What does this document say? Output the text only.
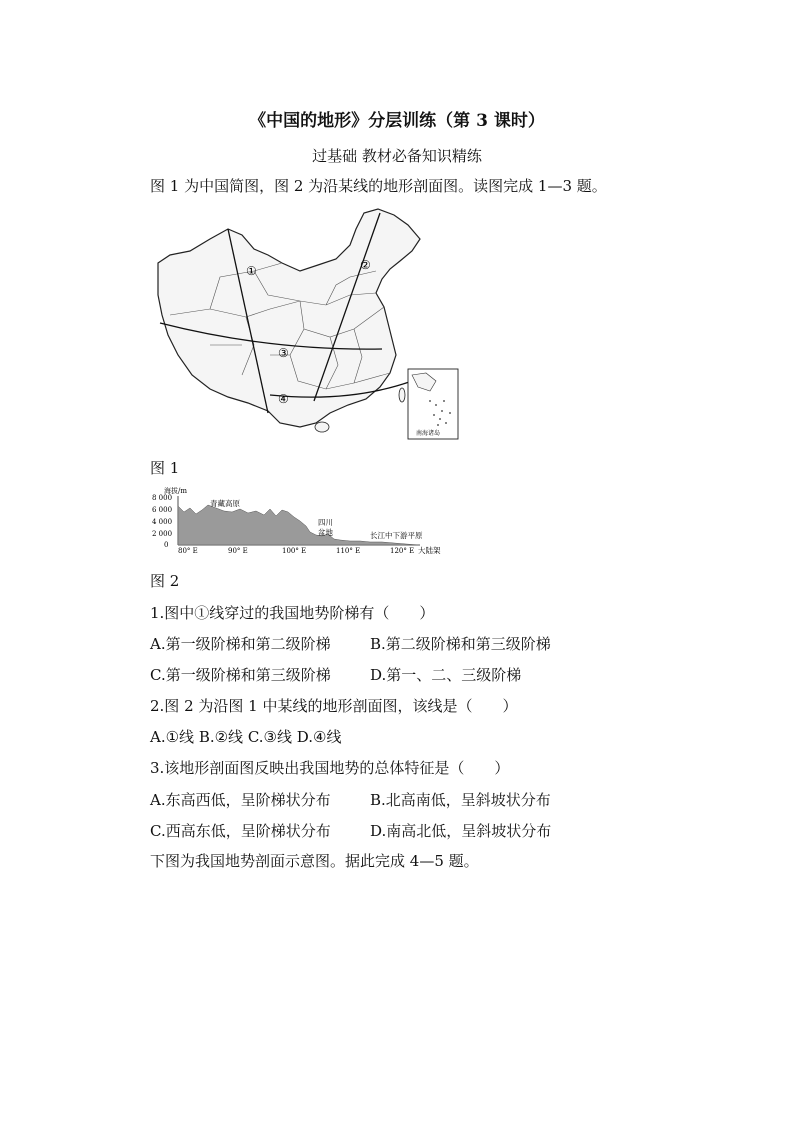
《中国的地形》分层训练（第 3 课时）
过基础 教材必备知识精练
图 1 为中国简图，图 2 为沿某线的地形剖面图。读图完成 1—3 题。
①	②
③
④
南海诸岛
图 1
海拔/m
8 000
6 000
4 000
2 000
0
青藏高原
四川
盆地	长江中下游平原
大陆架
80° E	90° E	100° E	110° E	120° E
图 2
1.图中①线穿过的我国地势阶梯有（　　）
A.第一级阶梯和第二级阶梯	B.第二级阶梯和第三级阶梯
C.第一级阶梯和第三级阶梯	D.第一、二、三级阶梯
2.图 2 为沿图 1 中某线的地形剖面图，该线是（　　）
A.①线 B.②线 C.③线 D.④线
3.该地形剖面图反映出我国地势的总体特征是（　　）
A.东高西低，呈阶梯状分布	B.北高南低，呈斜坡状分布
C.西高东低，呈阶梯状分布	D.南高北低，呈斜坡状分布
下图为我国地势剖面示意图。据此完成 4—5 题。
